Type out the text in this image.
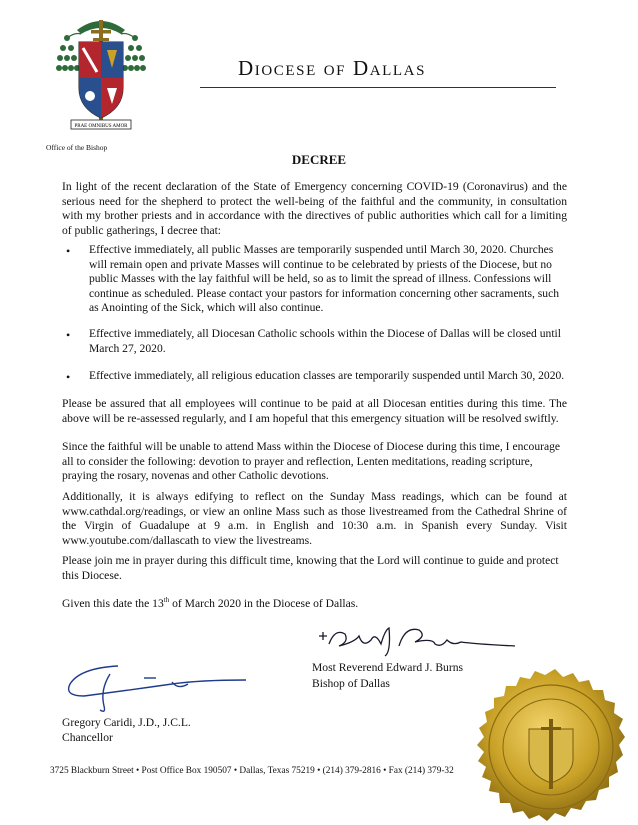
PRAE OMNIBUS AMOR
Office of the Bishop
Diocese of Dallas
DECREE
In light of the recent declaration of the State of Emergency concerning COVID-19 (Coronavirus) and the serious need for the shepherd to protect the well-being of the faithful and the community, in consultation with my brother priests and in accordance with the directives of public authorities which call for a limiting of public gatherings, I decree that:
• Effective immediately, all public Masses are temporarily suspended until March 30, 2020. Churches will remain open and private Masses will continue to be celebrated by priests of the Diocese, but no public Masses with the lay faithful will be held, so as to limit the spread of illness. Confessions will continue as scheduled. Please contact your pastors for information concerning other sacraments, such as Anointing of the Sick, which will also continue.
• Effective immediately, all Diocesan Catholic schools within the Diocese of Dallas will be closed until March 27, 2020.
• Effective immediately, all religious education classes are temporarily suspended until March 30, 2020.
Please be assured that all employees will continue to be paid at all Diocesan entities during this time. The above will be re-assessed regularly, and I am hopeful that this emergency situation will be resolved swiftly.
Since the faithful will be unable to attend Mass within the Diocese of Diocese during this time, I encourage all to consider the following: devotion to prayer and reflection, Lenten meditations, reading scripture, praying the rosary, novenas and other Catholic devotions.
Additionally, it is always edifying to reflect on the Sunday Mass readings, which can be found at www.cathdal.org/readings, or view an online Mass such as those livestreamed from the Cathedral Shrine of the Virgin of Guadalupe at 9 a.m. in English and 10:30 a.m. in Spanish every Sunday. Visit www.youtube.com/dallascath to view the livestreams.
Please join me in prayer during this difficult time, knowing that the Lord will continue to guide and protect this Diocese.
Given this date the 13th of March 2020 in the Diocese of Dallas.
Most Reverend Edward J. Burns
Bishop of Dallas
Gregory Caridi, J.D., J.C.L.
Chancellor
3725 Blackburn Street • Post Office Box 190507 • Dallas, Texas 75219 • (214) 379-2816 • Fax (214) 379-32
